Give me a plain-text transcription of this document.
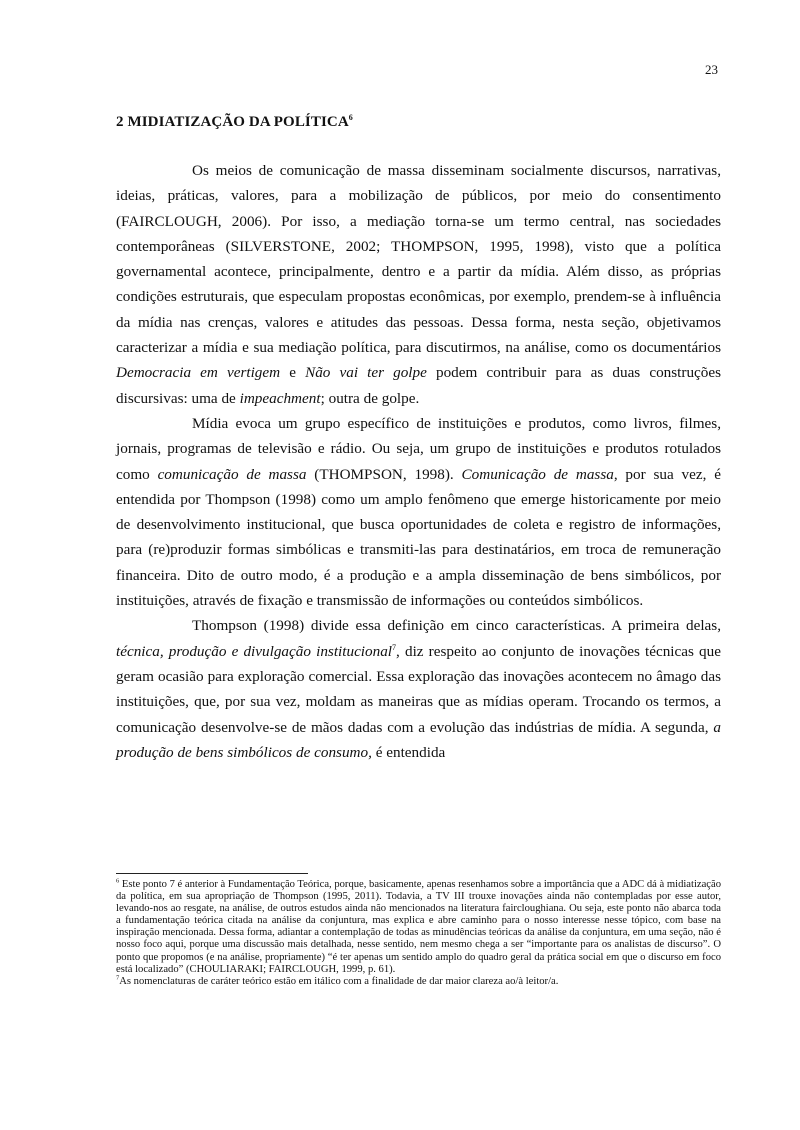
23
2 MIDIATIZAÇÃO DA POLÍTICA$^6$

Os meios de comunicação de massa disseminam socialmente discursos, narrativas, ideias, práticas, valores, para a mobilização de públicos, por meio do consentimento (FAIRCLOUGH, 2006). Por isso, a mediação torna-se um termo central, nas sociedades contemporâneas (SILVERSTONE, 2002; THOMPSON, 1995, 1998), visto que a política governamental acontece, principalmente, dentro e a partir da mídia. Além disso, as próprias condições estruturais, que especulam propostas econômicas, por exemplo, prendem-se à influência da mídia nas crenças, valores e atitudes das pessoas. Dessa forma, nesta seção, objetivamos caracterizar a mídia e sua mediação política, para discutirmos, na análise, como os documentários Democracia em vertigem e Não vai ter golpe podem contribuir para as duas construções discursivas: uma de impeachment; outra de golpe.

Mídia evoca um grupo específico de instituições e produtos, como livros, filmes, jornais, programas de televisão e rádio. Ou seja, um grupo de instituições e produtos rotulados como comunicação de massa (THOMPSON, 1998). Comunicação de massa, por sua vez, é entendida por Thompson (1998) como um amplo fenômeno que emerge historicamente por meio de desenvolvimento institucional, que busca oportunidades de coleta e registro de informações, para (re)produzir formas simbólicas e transmiti-las para destinatários, em troca de remuneração financeira. Dito de outro modo, é a produção e a ampla disseminação de bens simbólicos, por instituições, através de fixação e transmissão de informações ou conteúdos simbólicos.

Thompson (1998) divide essa definição em cinco características. A primeira delas, técnica, produção e divulgação institucional$^7$, diz respeito ao conjunto de inovações técnicas que geram ocasião para exploração comercial. Essa exploração das inovações acontecem no âmago das instituições, que, por sua vez, moldam as maneiras que as mídias operam. Trocando os termos, a comunicação desenvolve-se de mãos dadas com a evolução das indústrias de mídia. A segunda, a produção de bens simbólicos de consumo, é entendida

$^6$ Este ponto 7 é anterior à Fundamentação Teórica, porque, basicamente, apenas resenhamos sobre a importância que a ADC dá à midiatização da política, em sua apropriação de Thompson (1995, 2011). Todavia, a TV III trouxe inovações ainda não contempladas por esse autor, levando-nos ao resgate, na análise, de outros estudos ainda não mencionados na literatura faircloughiana. Ou seja, este ponto não abarca toda a fundamentação teórica citada na análise da conjuntura, mas explica e abre caminho para o nosso interesse nesse tópico, com base na inspiração mencionada. Dessa forma, adiantar a contemplação de todas as minudências teóricas da análise da conjuntura, em uma seção, não é nosso foco aqui, porque uma discussão mais detalhada, nesse sentido, nem mesmo chega a ser “importante para os analistas de discurso”. O ponto que propomos (e na análise, propriamente) “é ter apenas um sentido amplo do quadro geral da prática social em que o discurso em foco está localizado” (CHOULIARAKI; FAIRCLOUGH, 1999, p. 61).

$^7$As nomenclaturas de caráter teórico estão em itálico com a finalidade de dar maior clareza ao/à leitor/a.
